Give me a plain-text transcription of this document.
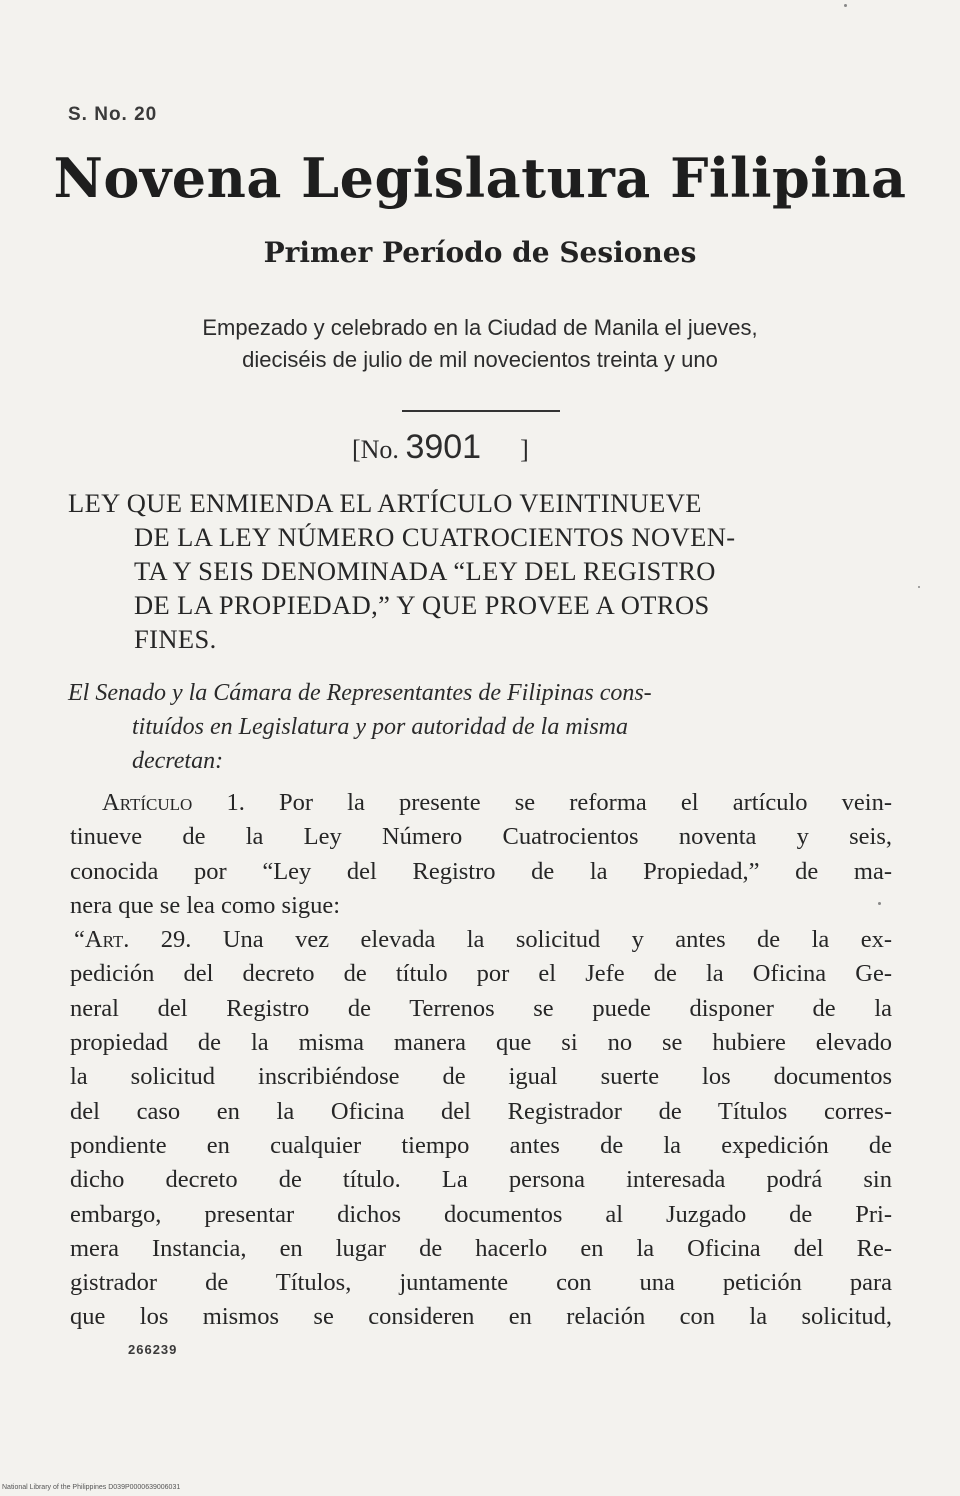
S. No. 20
Novena Legislatura Filipina
Primer Período de Sesiones
Empezado y celebrado en la Ciudad de Manila el jueves,
dieciséis de julio de mil novecientos treinta y uno
[No. 3901 ]
LEY QUE ENMIENDA EL ARTÍCULO VEINTINUEVE
DE LA LEY NÚMERO CUATROCIENTOS NOVEN-
TA Y SEIS DENOMINADA “LEY DEL REGISTRO
DE LA PROPIEDAD,” Y QUE PROVEE A OTROS
FINES.
El Senado y la Cámara de Representantes de Filipinas cons-
tituídos en Legislatura y por autoridad de la misma
decretan:
Artículo 1. Por la presente se reforma el artículo vein-
tinueve de la Ley Número Cuatrocientos noventa y seis,
conocida por “Ley del Registro de la Propiedad,” de ma-
nera que se lea como sigue:
“Art. 29. Una vez elevada la solicitud y antes de la ex-
pedición del decreto de título por el Jefe de la Oficina Ge-
neral del Registro de Terrenos se puede disponer de la
propiedad de la misma manera que si no se hubiere elevado
la solicitud inscribiéndose de igual suerte los documentos
del caso en la Oficina del Registrador de Títulos corres-
pondiente en cualquier tiempo antes de la expedición de
dicho decreto de título. La persona interesada podrá sin
embargo, presentar dichos documentos al Juzgado de Pri-
mera Instancia, en lugar de hacerlo en la Oficina del Re-
gistrador de Títulos, juntamente con una petición para
que los mismos se consideren en relación con la solicitud,
266239
National Library of the Philippines D039P0000639006031
